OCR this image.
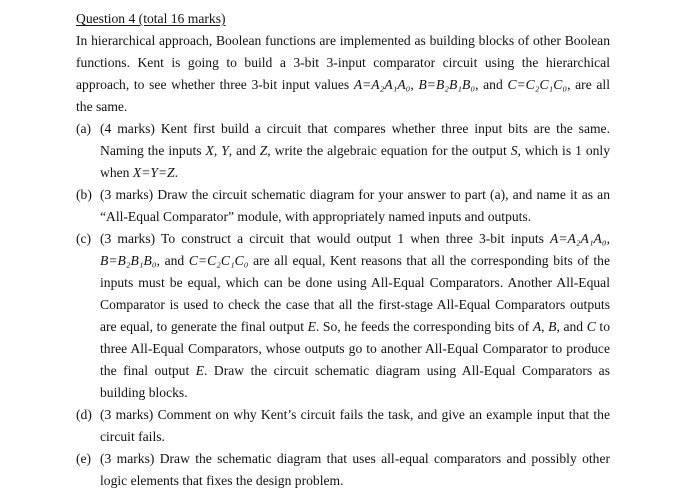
Question 4 (total 16 marks)

In hierarchical approach, Boolean functions are implemented as building blocks of other Boolean functions. Kent is going to build a 3-bit 3-input comparator circuit using the hierarchical approach, to see whether three 3-bit input values A=A₂A₁A₀, B=B₂B₁B₀, and C=C₂C₁C₀, are all the same.

(a) (4 marks) Kent first build a circuit that compares whether three input bits are the same. Naming the inputs X, Y, and Z, write the algebraic equation for the output S, which is 1 only when X=Y=Z.
(b) (3 marks) Draw the circuit schematic diagram for your answer to part (a), and name it as an “All-Equal Comparator” module, with appropriately named inputs and outputs.
(c) (3 marks) To construct a circuit that would output 1 when three 3-bit inputs A=A₂A₁A₀, B=B₂B₁B₀, and C=C₂C₁C₀ are all equal, Kent reasons that all the corresponding bits of the inputs must be equal, which can be done using All-Equal Comparators. Another All-Equal Comparator is used to check the case that all the first-stage All-Equal Comparators outputs are equal, to generate the final output E. So, he feeds the corresponding bits of A, B, and C to three All-Equal Comparators, whose outputs go to another All-Equal Comparator to produce the final output E. Draw the circuit schematic diagram using All-Equal Comparators as building blocks.
(d) (3 marks) Comment on why Kent’s circuit fails the task, and give an example input that the circuit fails.
(e) (3 marks) Draw the schematic diagram that uses all-equal comparators and possibly other logic elements that fixes the design problem.
